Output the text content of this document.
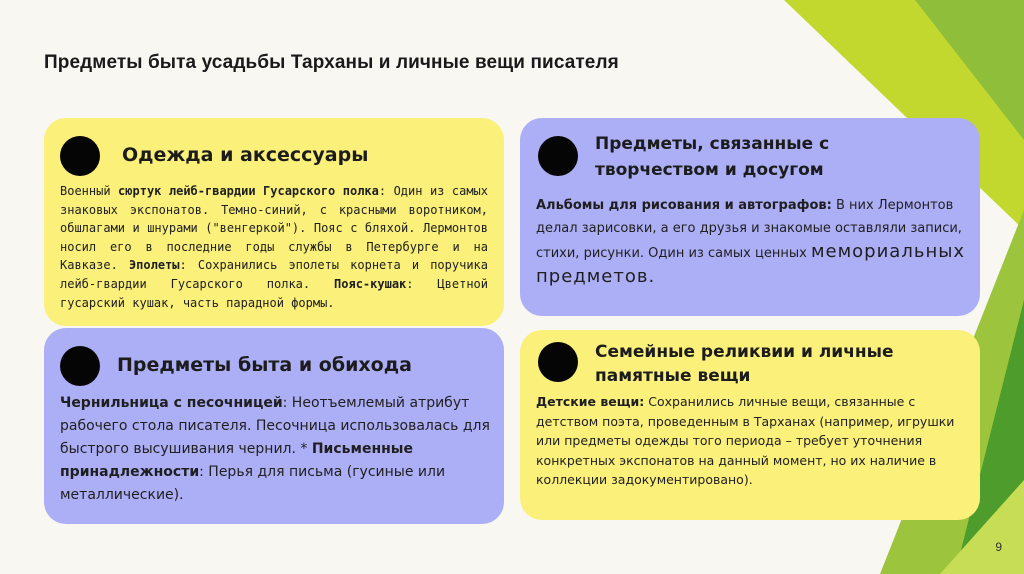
Предметы быта усадьбы Тарханы и личные вещи писателя
Одежда и аксессуары

Военный сюртук лейб-гвардии Гусарского полка: Один из самых знаковых экспонатов. Темно-синий, с красными воротником, обшлагами и шнурами ("венгеркой"). Пояс с бляхой. Лермонтов носил его в последние годы службы в Петербурге и на Кавказе. Эполеты: Сохранились эполеты корнета и поручика лейб-гвардии Гусарского полка. Пояс-кушак: Цветной гусарский кушак, часть парадной формы.

Предметы, связанные с творчеством и досугом

Альбомы для рисования и автографов: В них Лермонтов делал зарисовки, а его друзья и знакомые оставляли записи, стихи, рисунки. Один из самых ценных мемориальных предметов.

Предметы быта и обихода

Чернильница с песочницей: Неотъемлемый атрибут рабочего стола писателя. Песочница использовалась для быстрого высушивания чернил. * Письменные принадлежности: Перья для письма (гусиные или металлические).

Семейные реликвии и личные памятные вещи

Детские вещи: Сохранились личные вещи, связанные с детством поэта, проведенным в Тарханах (например, игрушки или предметы одежды того периода – требует уточнения конкретных экспонатов на данный момент, но их наличие в коллекции задокументировано).

9
